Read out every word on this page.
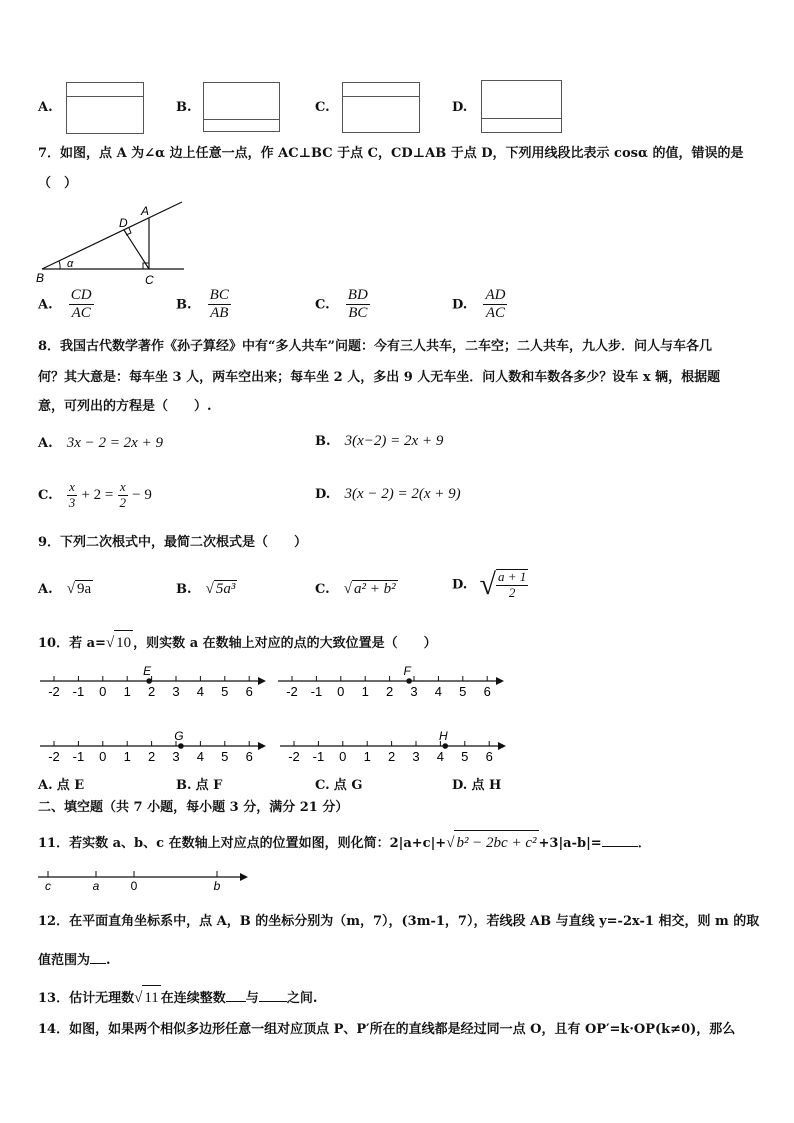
A.	B.	C.	D.
7．如图，点 A 为∠α 边上任意一点，作 AC⊥BC 于点 C，CD⊥AB 于点 D，下列用线段比表示 cosα 的值，错误的是
（　）
A
B	C
D
α
A. $\frac{CD}{AC}$	B. $\frac{BC}{AB}$	C. $\frac{BD}{BC}$	D. $\frac{AD}{AC}$
8．我国古代数学著作《孙子算经》中有“多人共车”问题：今有三人共车，二车空；二人共车，九人步．问人与车各几
何？其大意是：每车坐 3 人，两车空出来；每车坐 2 人，多出 9 人无车坐．问人数和车数各多少？设车 x 辆，根据题
意，可列出的方程是（　　）.
A. 3x − 2 = 2x + 9	B. 3(x−2) = 2x + 9
C. $\frac{x}{3} + 2 = \frac{x}{2} - 9$	D. 3(x − 2) = 2(x + 9)
9．下列二次根式中，最简二次根式是（　　）
A. √ 9a	B. √ 5a³	C. √ a² + b²	D. √ $\frac{a + 1}{2}$
10．若 a=√ 10 ，则实数 a 在数轴上对应的点的大致位置是（　　）
-2 -1 0 1 2 3 4 5 6
E
-2 -1 0 1 2 3 4 5 6
F
-2 -1 0 1 2 3 4 5 6
G
-2 -1 0 1 2 3 4 5 6
H
A. 点 E	B. 点 F	C. 点 G	D. 点 H
二、填空题（共 7 小题，每小题 3 分，满分 21 分）
11．若实数 a、b、c 在数轴上对应点的位置如图，则化简：2|a+c|+√ b² − 2bc + c² +3|a-b|=	．
c	a	0	b
12．在平面直角坐标系中，点 A，B 的坐标分别为（m，7），(3m-1，7），若线段 AB 与直线 y=-2x-1 相交，则 m 的取
值范围为 .
13．估计无理数√ 11 在连续整数 与 之间.
14．如图，如果两个相似多边形任意一组对应顶点 P、P′所在的直线都是经过同一点 O，且有 OP′=k·OP(k≠0)，那么
